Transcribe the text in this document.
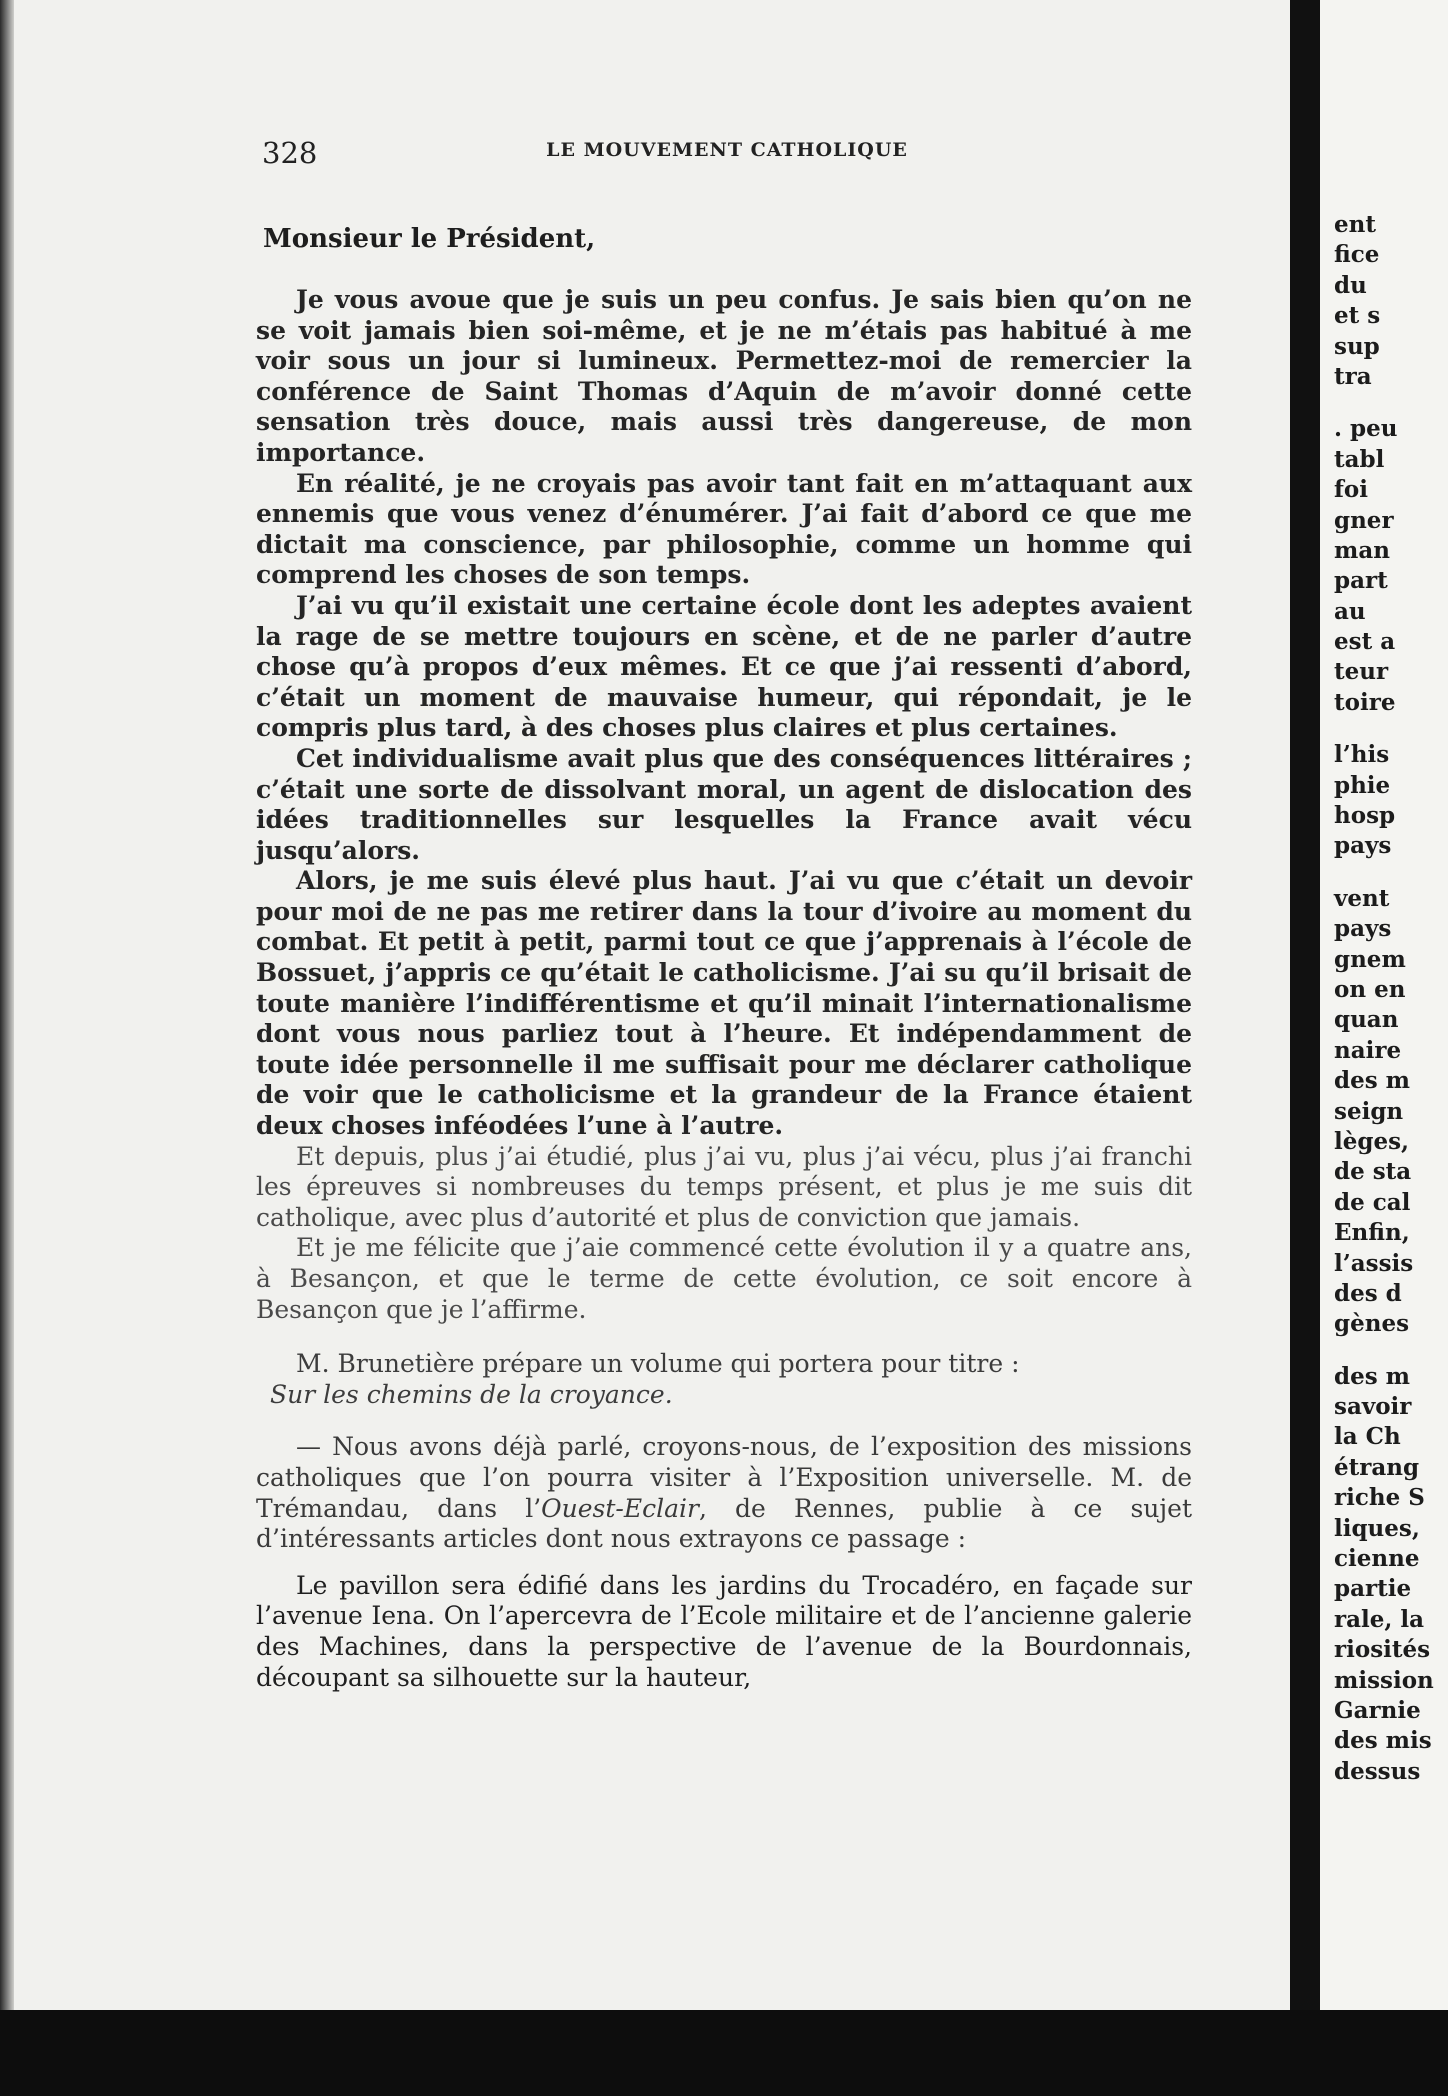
328	LE MOUVEMENT CATHOLIQUE
Monsieur le Président,

Je vous avoue que je suis un peu confus. Je sais bien qu’on ne se voit jamais bien soi-même, et je ne m’étais pas habitué à me voir sous un jour si lumineux. Permettez-moi de remercier la conférence de Saint Thomas d’Aquin de m’avoir donné cette sensation très douce, mais aussi très dangereuse, de mon importance.

En réalité, je ne croyais pas avoir tant fait en m’attaquant aux ennemis que vous venez d’énumérer. J’ai fait d’abord ce que me dictait ma conscience, par philosophie, comme un homme qui comprend les choses de son temps.

J’ai vu qu’il existait une certaine école dont les adeptes avaient la rage de se mettre toujours en scène, et de ne parler d’autre chose qu’à propos d’eux mêmes. Et ce que j’ai ressenti d’abord, c’était un moment de mauvaise humeur, qui répondait, je le compris plus tard, à des choses plus claires et plus certaines.

Cet individualisme avait plus que des conséquences littéraires ; c’était une sorte de dissolvant moral, un agent de dislocation des idées traditionnelles sur lesquelles la France avait vécu jusqu’alors.

Alors, je me suis élevé plus haut. J’ai vu que c’était un devoir pour moi de ne pas me retirer dans la tour d’ivoire au moment du combat. Et petit à petit, parmi tout ce que j’apprenais à l’école de Bossuet, j’appris ce qu’était le catholicisme. J’ai su qu’il brisait de toute manière l’indifférentisme et qu’il minait l’internationalisme dont vous nous parliez tout à l’heure. Et indépendamment de toute idée personnelle il me suffisait pour me déclarer catholique de voir que le catholicisme et la grandeur de la France étaient deux choses inféodées l’une à l’autre.

Et depuis, plus j’ai étudié, plus j’ai vu, plus j’ai vécu, plus j’ai franchi les épreuves si nombreuses du temps présent, et plus je me suis dit catholique, avec plus d’autorité et plus de conviction que jamais.

Et je me félicite que j’aie commencé cette évolution il y a quatre ans, à Besançon, et que le terme de cette évolution, ce soit encore à Besançon que je l’affirme.

M. Brunetière prépare un volume qui portera pour titre :
Sur les chemins de la croyance.

— Nous avons déjà parlé, croyons-nous, de l’exposition des missions catholiques que l’on pourra visiter à l’Exposition universelle. M. de Trémandau, dans l’Ouest-Eclair, de Rennes, publie à ce sujet d’intéressants articles dont nous extrayons ce passage :

Le pavillon sera édifié dans les jardins du Trocadéro, en façade sur l’avenue Iena. On l’apercevra de l’Ecole militaire et de l’ancienne galerie des Machines, dans la perspective de l’avenue de la Bourdonnais, découpant sa silhouette sur la hauteur,

ent
fice
du
et s
sup
tra
. peu
tabl
foi
gner
man
part
au
est a
teur
toire
l’his
phie
hosp
pays
vent
pays
gnem
on en
quan
naire
des m
seign
lèges,
de sta
de cal
Enfin,
l’assis
des d
gènes
des m
savoir
la Ch
étrang
riche S
liques,
cienne
partie
rale, la
riosités
mission
Garnie
des mis
dessus
